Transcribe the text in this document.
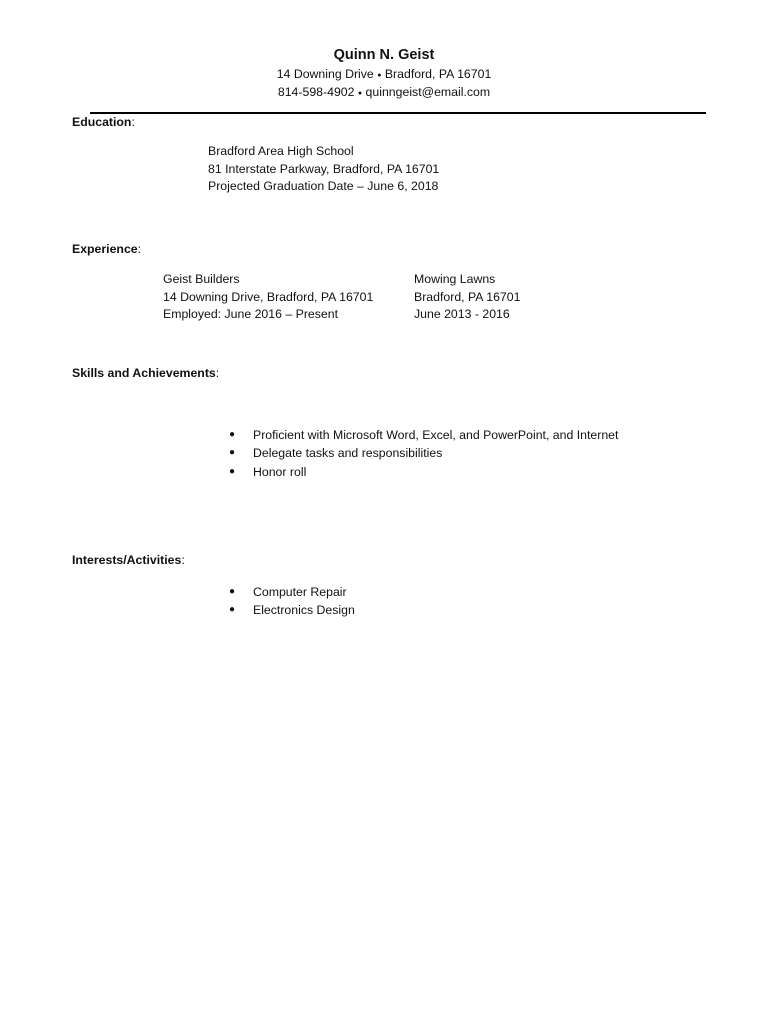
Quinn N. Geist
14 Downing Drive ● Bradford, PA 16701
814-598-4902 ● quinngeist@email.com
Education:
Bradford Area High School
81 Interstate Parkway, Bradford, PA 16701
Projected Graduation Date – June 6, 2018
Experience:
Geist Builders
14 Downing Drive, Bradford, PA 16701
Employed: June 2016 – Present
Mowing Lawns
Bradford, PA 16701
June 2013 - 2016
Skills and Achievements:
● Proficient with Microsoft Word, Excel, and PowerPoint, and Internet
● Delegate tasks and responsibilities
● Honor roll
Interests/Activities:
● Computer Repair
● Electronics Design
